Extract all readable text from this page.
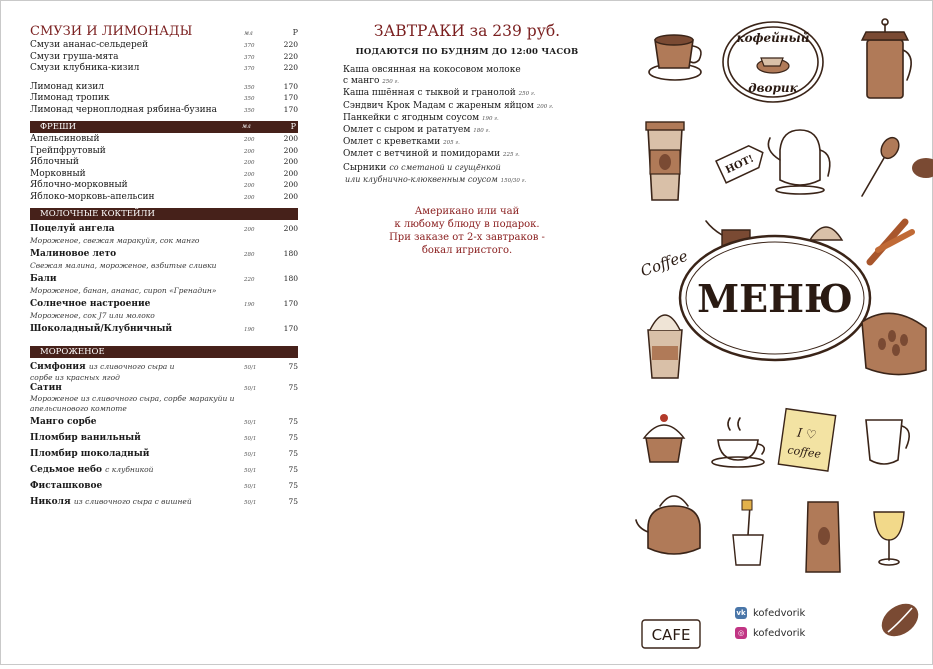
СМУЗИ И ЛИМОНАДЫ	мл	Р
Смузи ананас-сельдерей	370	220
Смузи груша-мята	370	220
Смузи клубника-кизил	370	220
Лимонад кизил	350	170
Лимонад тропик	350	170
Лимонад черноплодная рябина-бузина	350	170
ФРЕШИ	мл	Р
Апельсиновый	200	200
Грейпфрутовый	200	200
Яблочный	200	200
Морковный	200	200
Яблочно-морковный	200	200
Яблоко-морковь-апельсин	200	200
МОЛОЧНЫЕ КОКТЕЙЛИ
Поцелуй ангела	200	200
Мороженое, свежая маракуйя, сок манго
Малиновое лето	280	180
Свежая малина, мороженое, взбитые сливки
Бали	220	180
Мороженое, банан, ананас, сироп «Гренадин»
Солнечное настроение	190	170
Мороженое, сок J7 или молоко
Шоколадный/Клубничный	190	170
МОРОЖЕНОЕ
Симфония из сливочного сыра и	50/1	75
сорбе из красных ягод
Сатин	50/1	75
Мороженое из сливочного сыра, сорбе маракуйи и апельсинового компоте
Манго сорбе	50/1	75
Пломбир ванильный	50/1	75
Пломбир шоколадный	50/1	75
Седьмое небо с клубникой	50/1	75
Фисташковое	50/1	75
Николя из сливочного сыра с вишней	50/1	75
ЗАВТРАКИ за 239 руб.
ПОДАЮТСЯ ПО БУДНЯМ ДО 12:00 ЧАСОВ
Каша овсянная на кокосовом молоке
с манго 250 г.
Каша пшённая с тыквой и гранолой 250 г.
Сэндвич Крок Мадам с жареным яйцом 200 г.
Панкейки с ягодным соусом 190 г.
Омлет с сыром и рататуем 180 г.
Омлет с креветками 205 г.
Омлет с ветчиной и помидорами 225 г.
Сырники со сметаной и сгущёнкой
или клубнично-клюквенным соусом 150/30 г.
Американо или чай
к любому блюду в подарок.
При заказе от 2-х завтраков -
бокал игристого.
кофейный
дворик
HOT!
Coffee
МЕНЮ
I ♡
coffee
CAFE
vk kofedvorik
◎ kofedvorik
